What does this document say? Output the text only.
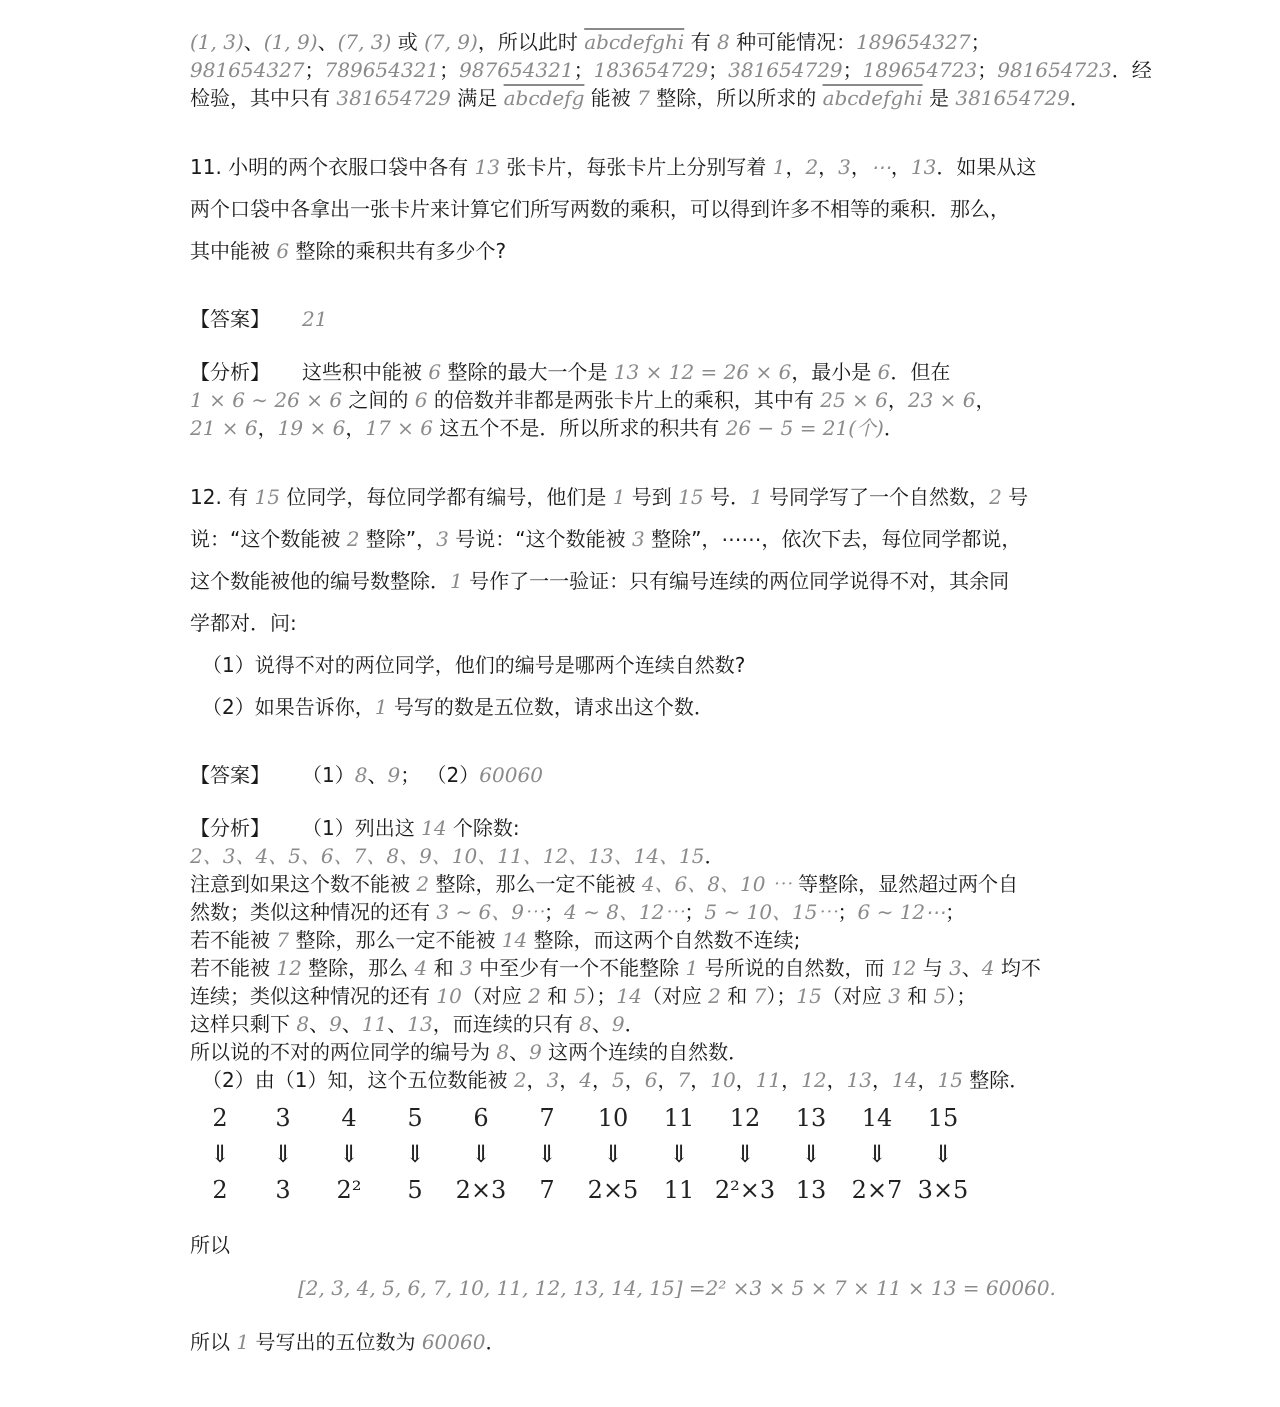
(1, 3)、(1, 9)、(7, 3) 或 (7, 9)，所以此时 abcdefghi 有 8 种可能情况：189654327；
981654327；789654321；987654321；183654729；381654729；189654723；981654723．经
检验，其中只有 381654729 满足 abcdefg 能被 7 整除，所以所求的 abcdefghi 是 381654729．
11. 小明的两个衣服口袋中各有 13 张卡片，每张卡片上分别写着 1，2，3，⋯，13．如果从这
两个口袋中各拿出一张卡片来计算它们所写两数的乘积，可以得到许多不相等的乘积．那么，
其中能被 6 整除的乘积共有多少个?
【答案】 21
【分析】 这些积中能被 6 整除的最大一个是 13 × 12 = 26 × 6，最小是 6．但在
1 × 6 ∼ 26 × 6 之间的 6 的倍数并非都是两张卡片上的乘积，其中有 25 × 6，23 × 6，
21 × 6，19 × 6，17 × 6 这五个不是．所以所求的积共有 26 − 5 = 21(个)．
12. 有 15 位同学，每位同学都有编号，他们是 1 号到 15 号．1 号同学写了一个自然数，2 号
说：“这个数能被 2 整除”，3 号说：“这个数能被 3 整除”，⋯⋯，依次下去，每位同学都说，
这个数能被他的编号数整除．1 号作了一一验证：只有编号连续的两位同学说得不对，其余同
学都对．问:
（1）说得不对的两位同学，他们的编号是哪两个连续自然数?
（2）如果告诉你，1 号写的数是五位数，请求出这个数．
【答案】 （1）8、9； （2）60060
【分析】 （1）列出这 14 个除数:
2、3、4、5、6、7、8、9、10、11、12、13、14、15．
注意到如果这个数不能被 2 整除，那么一定不能被 4、6、8、10 ⋯ 等整除，显然超过两个自
然数；类似这种情况的还有 3 ∼ 6、9⋯；4 ∼ 8、12⋯；5 ∼ 10、15⋯；6 ∼ 12⋯；
若不能被 7 整除，那么一定不能被 14 整除，而这两个自然数不连续;
若不能被 12 整除，那么 4 和 3 中至少有一个不能整除 1 号所说的自然数，而 12 与 3、4 均不
连续；类似这种情况的还有 10（对应 2 和 5）；14（对应 2 和 7）；15（对应 3 和 5）；
这样只剩下 8、9、11、13，而连续的只有 8、9．
所以说的不对的两位同学的编号为 8、9 这两个连续的自然数．
（2）由（1）知，这个五位数能被 2，3，4，5，6，7，10，11，12，13，14，15 整除．
2	3	4	5	6	7	10	11	12	13	14	15
⇓	⇓	⇓	⇓	⇓	⇓	⇓	⇓	⇓	⇓	⇓	⇓
2	3	2²	5	2×3	7	2×5	11	2²×3	13	2×7	3×5
所以
[2, 3, 4, 5, 6, 7, 10, 11, 12, 13, 14, 15] =2² ×3 × 5 × 7 × 11 × 13 = 60060.
所以 1 号写出的五位数为 60060．
